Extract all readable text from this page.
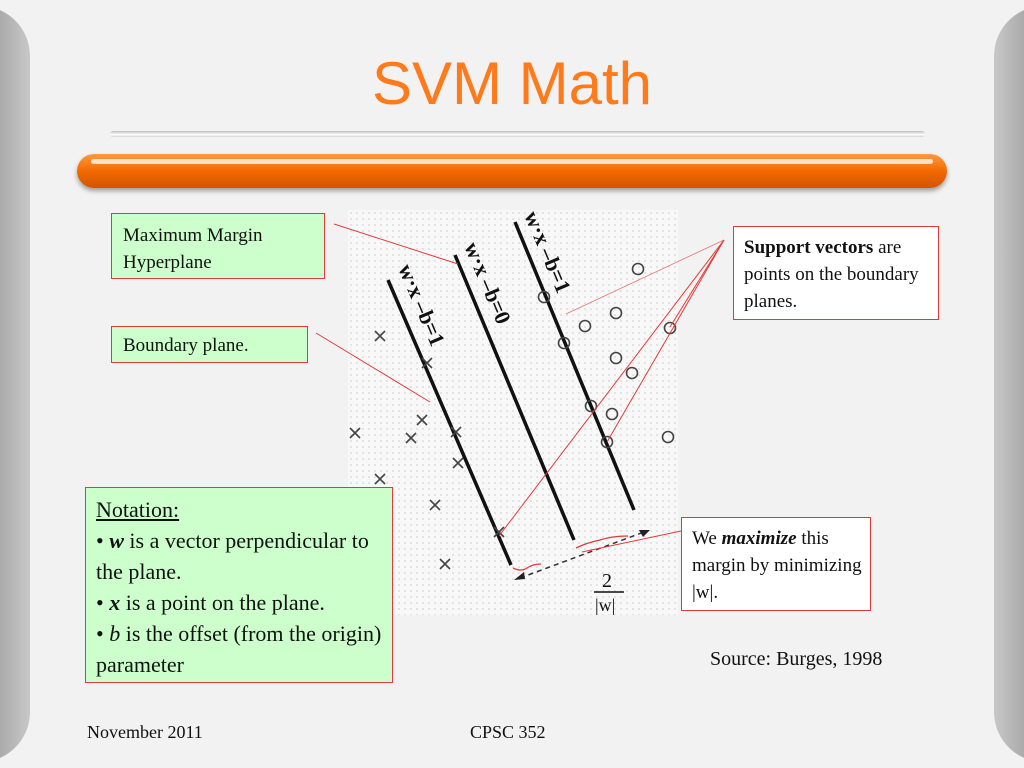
SVM Math
w·x –b=1 w·x –b=0 w·x –b=1
2
|w|
Maximum Margin Hyperplane
Boundary plane.
Support vectors are points on the boundary planes.
We maximize this margin by minimizing |w|.
Notation:
• w is a vector perpendicular to the plane.
• x is a point on the plane.
• b is the offset (from the origin) parameter	Source: Burges, 1998
November 2011	CPSC 352
